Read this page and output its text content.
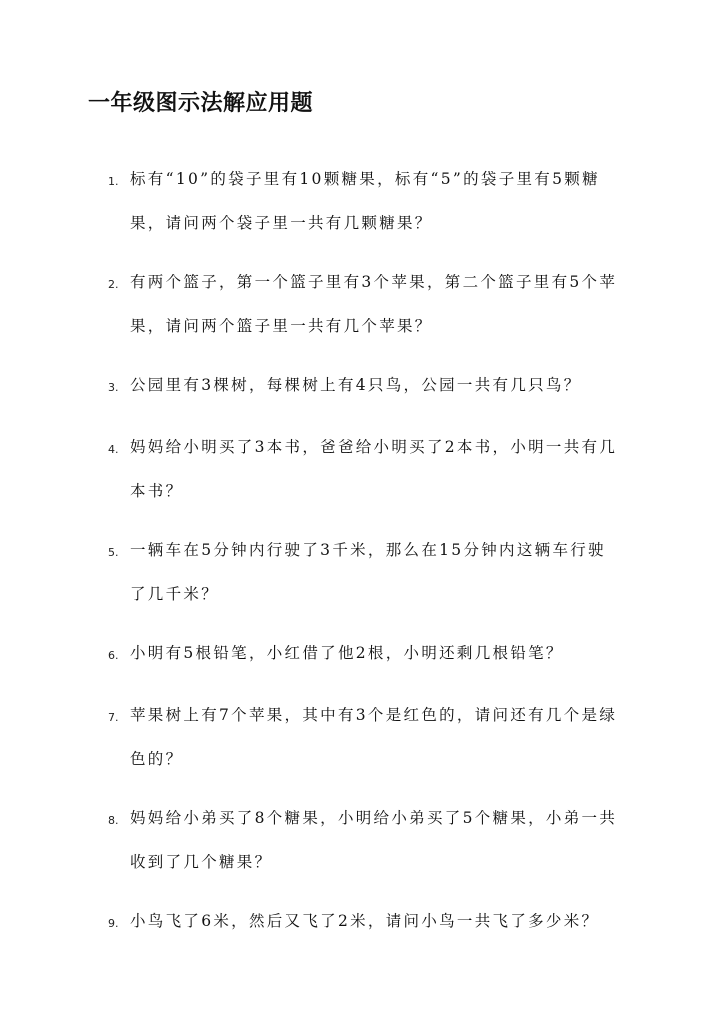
一年级图示法解应用题
1. 标有“10”的袋子里有10颗糖果，标有“5”的袋子里有5颗糖果，请问两个袋子里一共有几颗糖果？
2. 有两个篮子，第一个篮子里有3个苹果，第二个篮子里有5个苹果，请问两个篮子里一共有几个苹果？
3. 公园里有3棵树，每棵树上有4只鸟，公园一共有几只鸟？
4. 妈妈给小明买了3本书，爸爸给小明买了2本书，小明一共有几本书？
5. 一辆车在5分钟内行驶了3千米，那么在15分钟内这辆车行驶了几千米？
6. 小明有5根铅笔，小红借了他2根，小明还剩几根铅笔？
7. 苹果树上有7个苹果，其中有3个是红色的，请问还有几个是绿色的？
8. 妈妈给小弟买了8个糖果，小明给小弟买了5个糖果，小弟一共收到了几个糖果？
9. 小鸟飞了6米，然后又飞了2米，请问小鸟一共飞了多少米？
